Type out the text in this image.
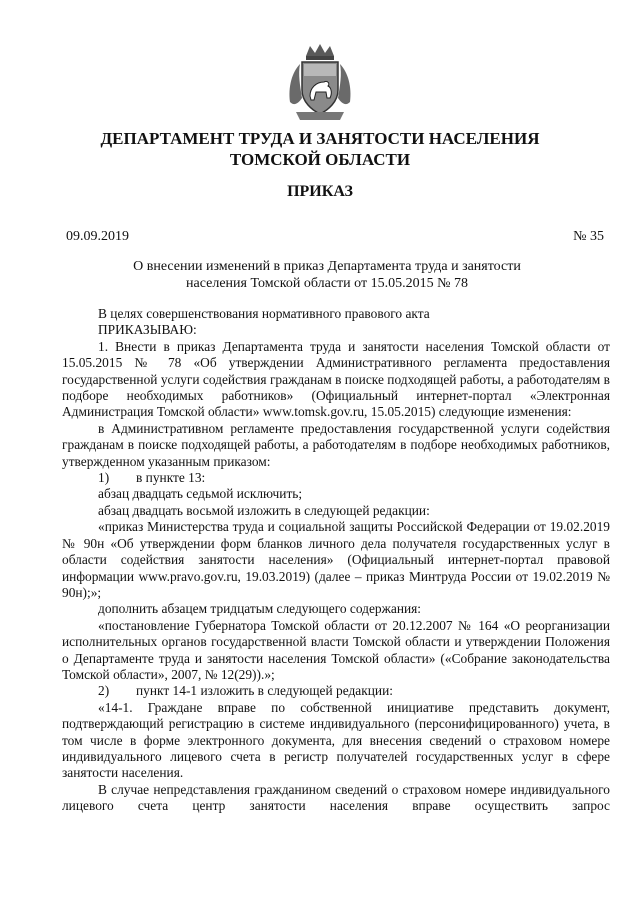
ДЕПАРТАМЕНТ ТРУДА И ЗАНЯТОСТИ НАСЕЛЕНИЯ
ТОМСКОЙ ОБЛАСТИ
ПРИКАЗ
09.09.2019	№ 35
О внесении изменений в приказ Департамента труда и занятости
населения Томской области от 15.05.2015 № 78

В целях совершенствования нормативного правового акта

ПРИКАЗЫВАЮ:

1. Внести в приказ Департамента труда и занятости населения Томской области от 15.05.2015 № 78 «Об утверждении Административного регламента предоставления государственной услуги содействия гражданам в поиске подходящей работы, а работодателям в подборе необходимых работников» (Официальный интернет-портал «Электронная Администрация Томской области» www.tomsk.gov.ru, 15.05.2015) следующие изменения:

в Административном регламенте предоставления государственной услуги содействия гражданам в поиске подходящей работы, а работодателям в подборе необходимых работников, утвержденном указанным приказом:

1) в пункте 13:

абзац двадцать седьмой исключить;

абзац двадцать восьмой изложить в следующей редакции:

«приказ Министерства труда и социальной защиты Российской Федерации от 19.02.2019 № 90н «Об утверждении форм бланков личного дела получателя государственных услуг в области содействия занятости населения» (Официальный интернет-портал правовой информации www.pravo.gov.ru, 19.03.2019) (далее – приказ Минтруда России от 19.02.2019 № 90н);»;

дополнить абзацем тридцатым следующего содержания:

«постановление Губернатора Томской области от 20.12.2007 № 164 «О реорганизации исполнительных органов государственной власти Томской области и утверждении Положения о Департаменте труда и занятости населения Томской области» («Собрание законодательства Томской области», 2007, № 12(29)).»;

2) пункт 14-1 изложить в следующей редакции:

«14-1. Граждане вправе по собственной инициативе представить документ, подтверждающий регистрацию в системе индивидуального (персонифицированного) учета, в том числе в форме электронного документа, для внесения сведений о страховом номере индивидуального лицевого счета в регистр получателей государственных услуг в сфере занятости населения.

В случае непредставления гражданином сведений о страховом номере индивидуального лицевого счета центр занятости населения вправе осуществить запрос
